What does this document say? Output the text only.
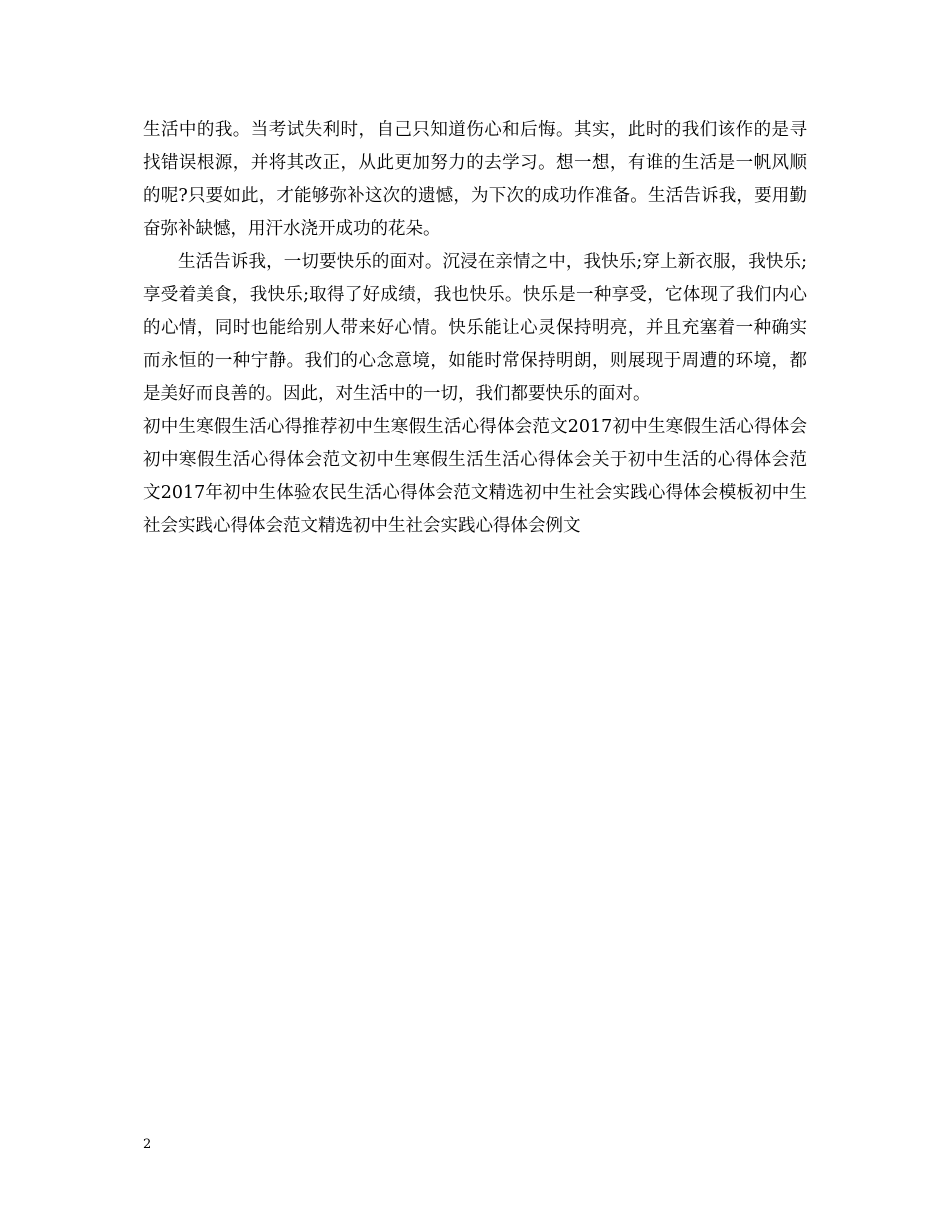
生活中的我。当考试失利时，自己只知道伤心和后悔。其实，此时的我们该作的是寻找错误根源，并将其改正，从此更加努力的去学习。想一想，有谁的生活是一帆风顺的呢?只要如此，才能够弥补这次的遗憾，为下次的成功作准备。生活告诉我，要用勤奋弥补缺憾，用汗水浇开成功的花朵。

生活告诉我，一切要快乐的面对。沉浸在亲情之中，我快乐;穿上新衣服，我快乐;享受着美食，我快乐;取得了好成绩，我也快乐。快乐是一种享受，它体现了我们内心的心情，同时也能给别人带来好心情。快乐能让心灵保持明亮，并且充塞着一种确实而永恒的一种宁静。我们的心念意境，如能时常保持明朗，则展现于周遭的环境，都是美好而良善的。因此，对生活中的一切，我们都要快乐的面对。

初中生寒假生活心得推荐初中生寒假生活心得体会范文2017初中生寒假生活心得体会初中寒假生活心得体会范文初中生寒假生活生活心得体会关于初中生活的心得体会范文2017年初中生体验农民生活心得体会范文精选初中生社会实践心得体会模板初中生社会实践心得体会范文精选初中生社会实践心得体会例文

2
